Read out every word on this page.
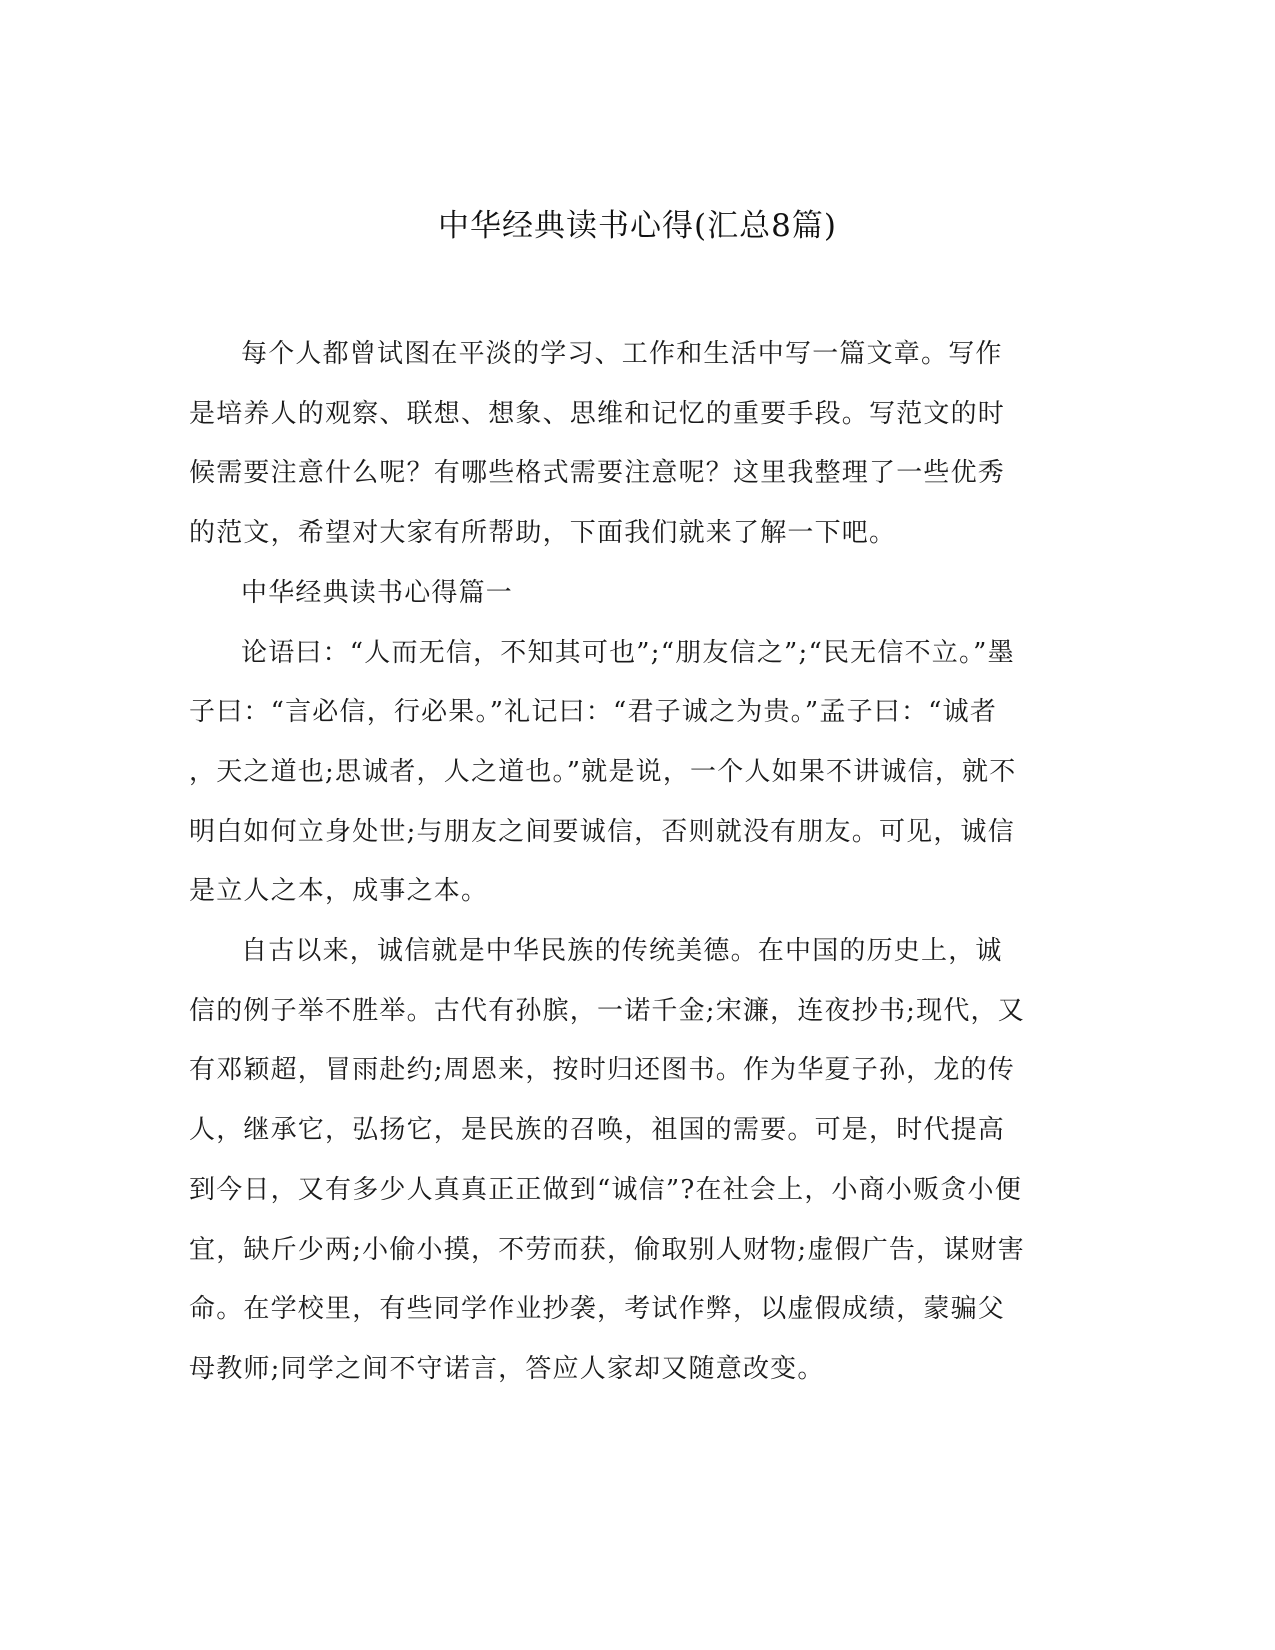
中华经典读书心得(汇总8篇)

每个人都曾试图在平淡的学习、工作和生活中写一篇文章。写作
是培养人的观察、联想、想象、思维和记忆的重要手段。写范文的时
候需要注意什么呢？有哪些格式需要注意呢？这里我整理了一些优秀
的范文，希望对大家有所帮助，下面我们就来了解一下吧。

中华经典读书心得篇一

论语曰：“人而无信，不知其可也”;“朋友信之”;“民无信不立。”墨
子曰：“言必信，行必果。”礼记曰：“君子诚之为贵。”孟子曰：“诚者
，天之道也;思诚者，人之道也。”就是说，一个人如果不讲诚信，就不
明白如何立身处世;与朋友之间要诚信，否则就没有朋友。可见，诚信
是立人之本，成事之本。

自古以来，诚信就是中华民族的传统美德。在中国的历史上，诚
信的例子举不胜举。古代有孙膑，一诺千金;宋濂，连夜抄书;现代，又
有邓颖超，冒雨赴约;周恩来，按时归还图书。作为华夏子孙，龙的传
人，继承它，弘扬它，是民族的召唤，祖国的需要。可是，时代提高
到今日，又有多少人真真正正做到“诚信”?在社会上，小商小贩贪小便
宜，缺斤少两;小偷小摸，不劳而获，偷取别人财物;虚假广告，谋财害
命。在学校里，有些同学作业抄袭，考试作弊，以虚假成绩，蒙骗父
母教师;同学之间不守诺言，答应人家却又随意改变。
